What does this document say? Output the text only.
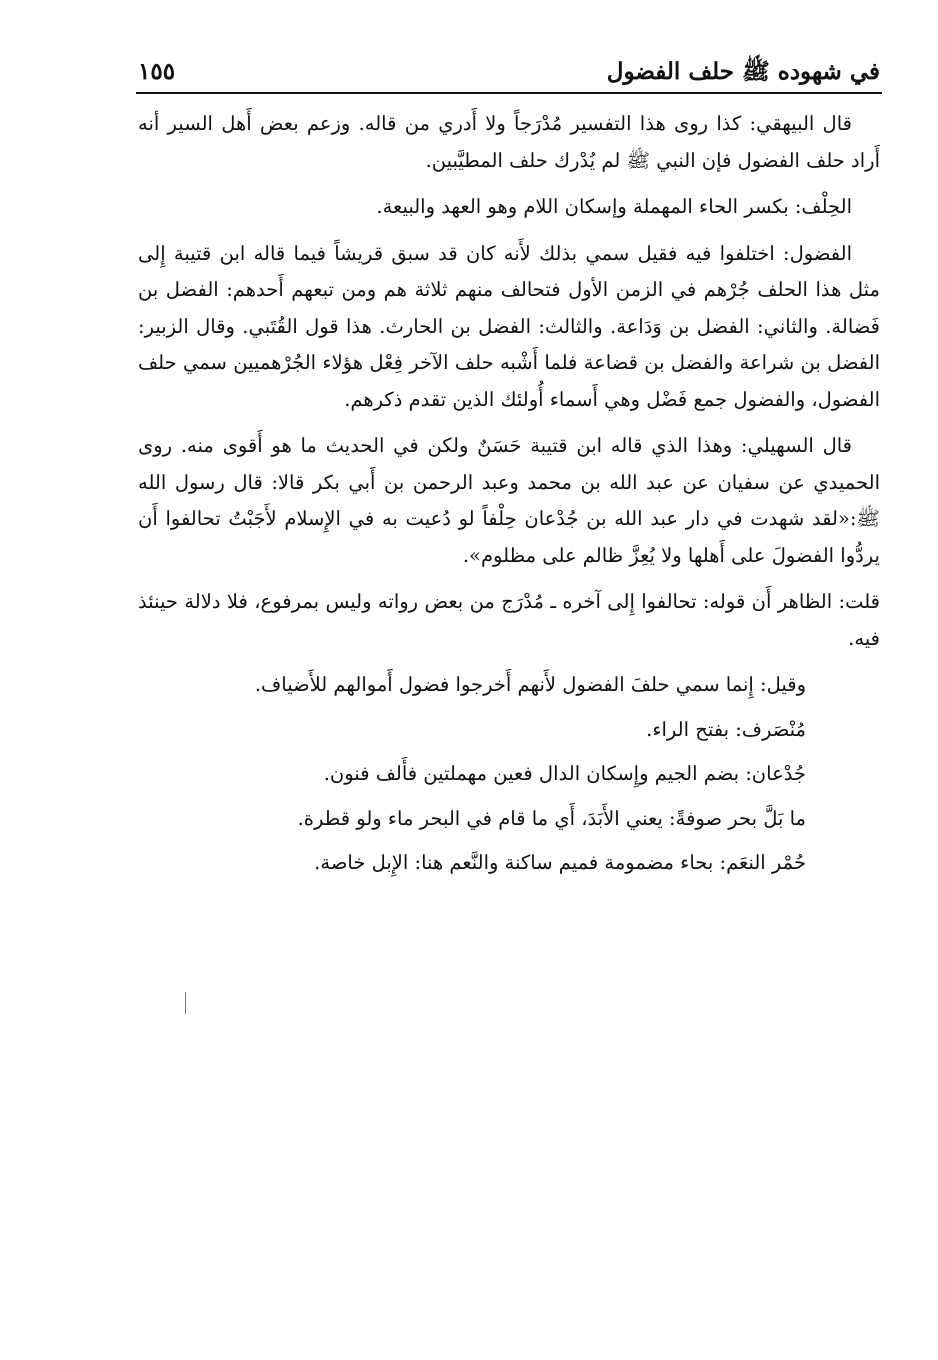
في شهوده ﷺ حلف الفضول
١٥٥

قال البيهقي: كذا روى هذا التفسير مُدْرَجاً ولا أَدري من قاله. وزعم بعض أَهل السير أنه أَراد حلف الفضول فإن النبي ﷺ لم يُدْرك حلف المطيَّبين.

الحِلْف: بكسر الحاء المهملة وإسكان اللام وهو العهد والبيعة.

الفضول: اختلفوا فيه فقيل سمي بذلك لأَنه كان قد سبق قريشاً فيما قاله ابن قتيبة إِلى مثل هذا الحلف جُرْهم في الزمن الأول فتحالف منهم ثلاثة هم ومن تبعهم أَحدهم: الفضل بن فَضالة. والثاني: الفضل بن وَدَاعة. والثالث: الفضل بن الحارث. هذا قول القُتَبي. وقال الزبير: الفضل بن شراعة والفضل بن قضاعة فلما أَشْبه حلف الآخر فِعْل هؤلاء الجُرْهميين سمي حلف الفضول، والفضول جمع فَضْل وهي أَسماء أُولئك الذين تقدم ذكرهم.

قال السهيلي: وهذا الذي قاله ابن قتيبة حَسَنٌ ولكن في الحديث ما هو أَقوى منه. روى الحميدي عن سفيان عن عبد الله بن محمد وعبد الرحمن بن أَبي بكر قالا: قال رسول الله ﷺ:«لقد شهدت في دار عبد الله بن جُدْعان حِلْفاً لو دُعيت به في الإِسلام لأَجَبْتُ تحالفوا أَن يردُّوا الفضولَ على أَهلها ولا يُعِزَّ ظالم على مظلوم».

قلت: الظاهر أَن قوله: تحالفوا إِلى آخره ـ مُدْرَج من بعض رواته وليس بمرفوع، فلا دلالة حينئذ فيه.

وقيل: إِنما سمي حلفَ الفضول لأَنهم أَخرجوا فضول أَموالهم للأَضياف.

مُنْصَرف: بفتح الراء.

جُدْعان: بضم الجيم وإِسكان الدال فعين مهملتين فأَلف فنون.

ما بَلَّ بحر صوفةً: يعني الأَبَدَ، أَي ما قام في البحر ماء ولو قطرة.

حُمْر النعَم: بحاء مضمومة فميم ساكنة والنَّعم هنا: الإِبل خاصة.
